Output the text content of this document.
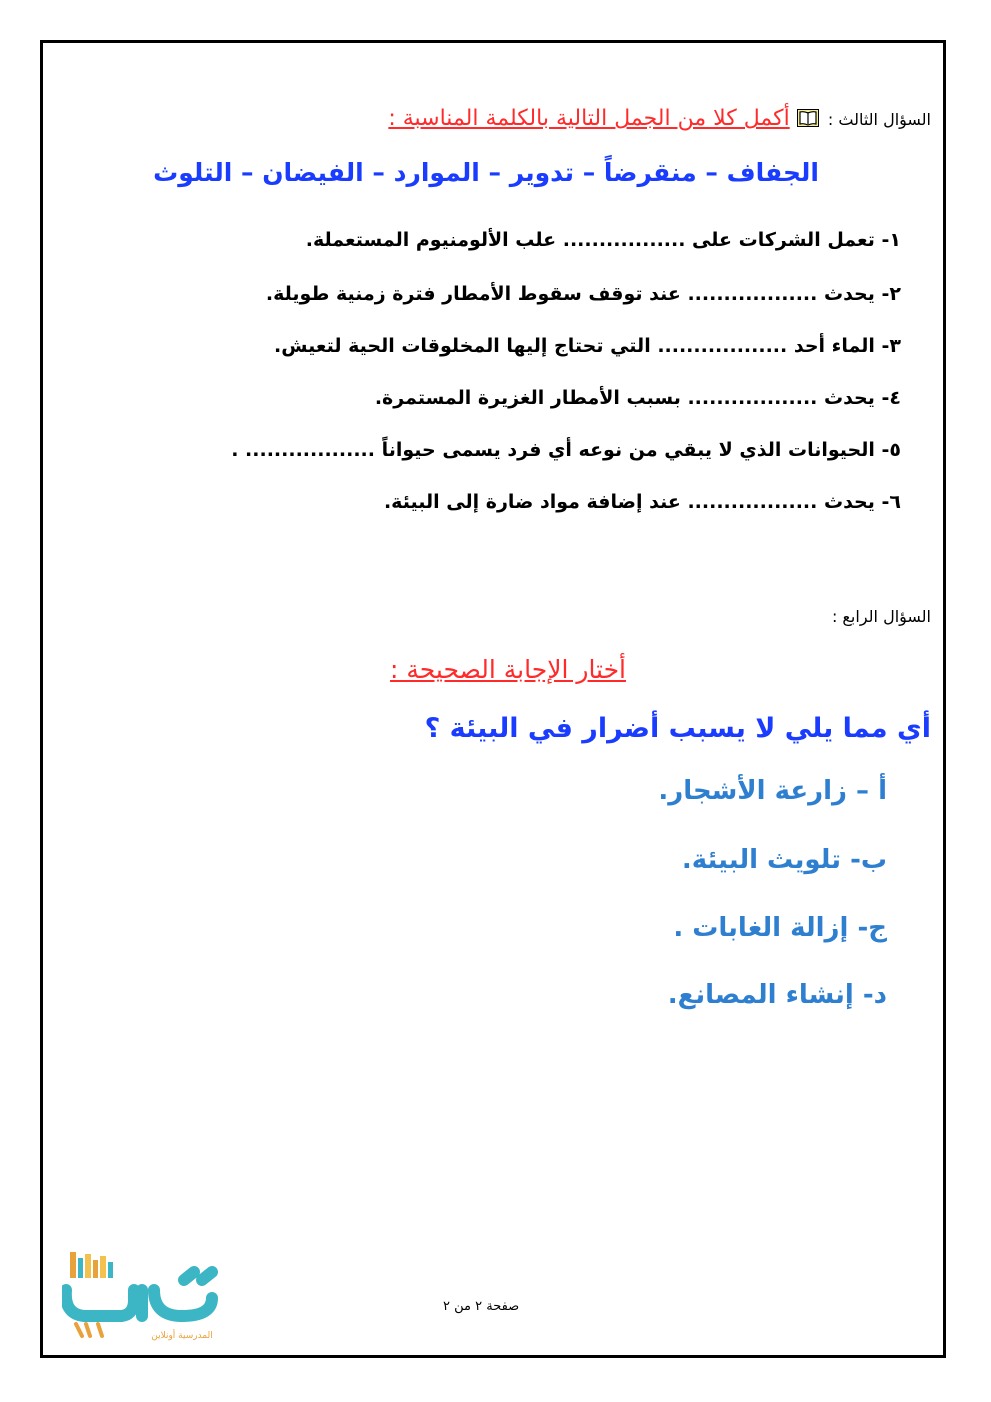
السؤال الثالث :  أكمل كلا من الجمل التالية بالكلمة المناسبة :
الجفاف – منقرضاً – تدوير – الموارد – الفيضان – التلوث
١- تعمل الشركات على ................. علب الألومنيوم المستعملة.
٢- يحدث .................. عند توقف سقوط الأمطار فترة زمنية طويلة.
٣- الماء أحد .................. التي تحتاج إليها المخلوقات الحية لتعيش.
٤- يحدث .................. بسبب الأمطار الغزيرة المستمرة.
٥- الحيوانات الذي لا يبقي من نوعه أي فرد يسمى حيواناً .................. .
٦- يحدث .................. عند إضافة مواد ضارة إلى البيئة.
السؤال الرابع :
أختار الإجابة الصحيحة :
أي مما يلي لا يسبب أضرار في البيئة ؟
أ – زارعة الأشجار.
ب- تلويث البيئة.
ج- إزالة الغابات .
د- إنشاء المصانع.
المدرسية أونلاين
صفحة ٢ من ٢
